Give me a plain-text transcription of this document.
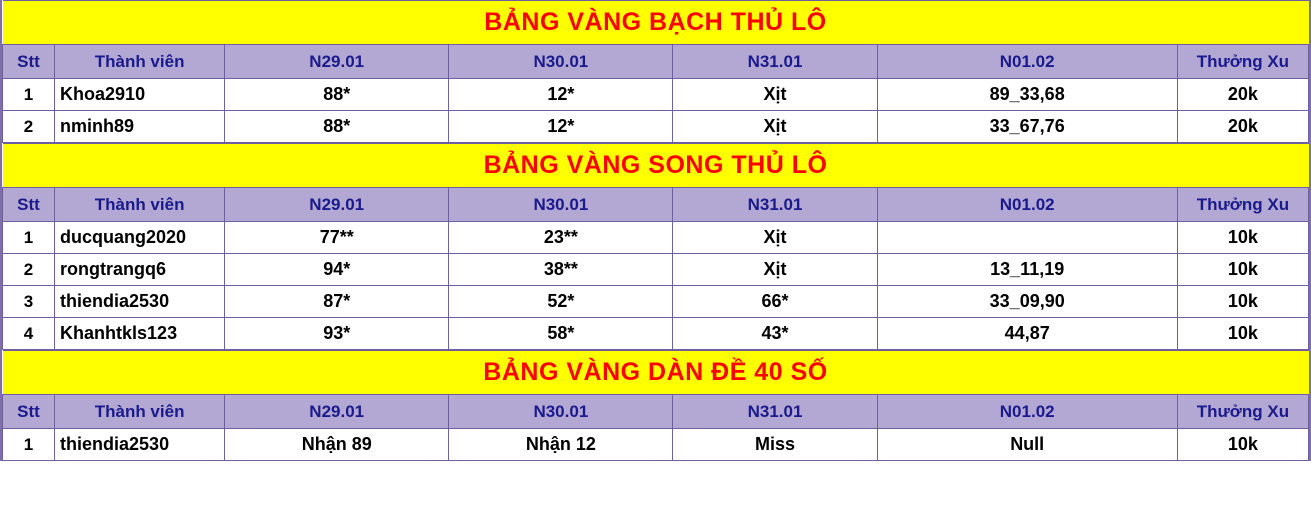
BẢNG VÀNG BẠCH THỦ LÔ						
Stt	Thành viên	N29.01	N30.01	N31.01	N01.02	Thưởng Xu
1	Khoa2910	88*	12*	Xịt	89_33,68	20k
2	nminh89	88*	12*	Xịt	33_67,76	20k
BẢNG VÀNG SONG THỦ LÔ						
Stt	Thành viên	N29.01	N30.01	N31.01	N01.02	Thưởng Xu
1	ducquang2020	77**	23**	Xịt		10k
2	rongtrangq6	94*	38**	Xịt	13_11,19	10k
3	thiendia2530	87*	52*	66*	33_09,90	10k
4	Khanhtkls123	93*	58*	43*	44,87	10k
BẢNG VÀNG DÀN ĐỀ 40 SỐ						
Stt	Thành viên	N29.01	N30.01	N31.01	N01.02	Thưởng Xu
1	thiendia2530	Nhận 89	Nhận 12	Miss	Null	10k
